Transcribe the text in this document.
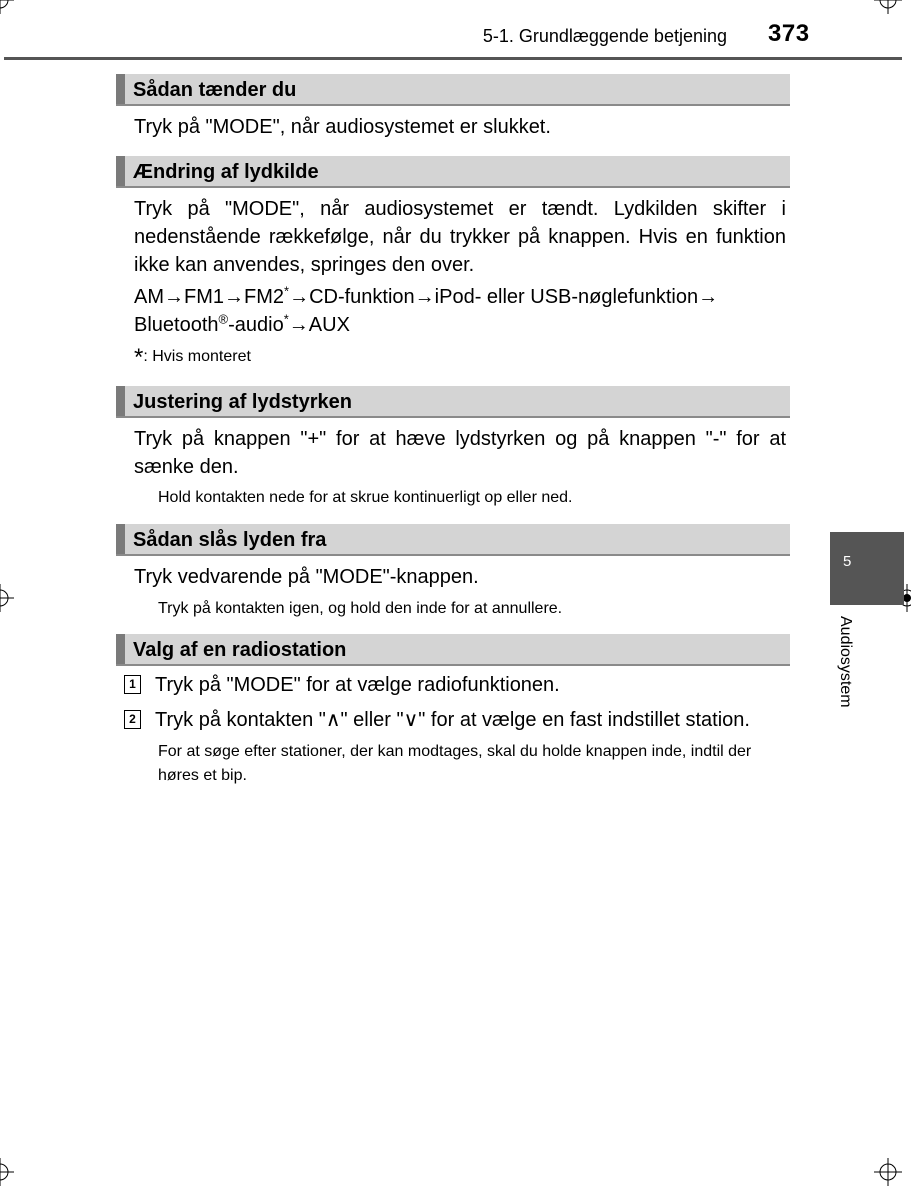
5-1. Grundlæggende betjening 373
Sådan tænder du
Tryk på "MODE", når audiosystemet er slukket.
Ændring af lydkilde
Tryk på "MODE", når audiosystemet er tændt. Lydkilden skifter i nedenstående rækkefølge, når du trykker på knappen. Hvis en funktion ikke kan anvendes, springes den over.
AM→FM1→FM2*→CD-funktion→iPod- eller USB-nøglefunktion→
Bluetooth®-audio*→AUX
*: Hvis monteret
Justering af lydstyrken
Tryk på knappen "+" for at hæve lydstyrken og på knappen "-" for at sænke den.
Hold kontakten nede for at skrue kontinuerligt op eller ned.
Sådan slås lyden fra
Tryk vedvarende på "MODE"-knappen.
Tryk på kontakten igen, og hold den inde for at annullere.
Valg af en radiostation
1 Tryk på "MODE" for at vælge radiofunktionen.
2 Tryk på kontakten "∧" eller "∨" for at vælge en fast indstillet station.
For at søge efter stationer, der kan modtages, skal du holde knappen inde, indtil der høres et bip.
5
Audiosystem
